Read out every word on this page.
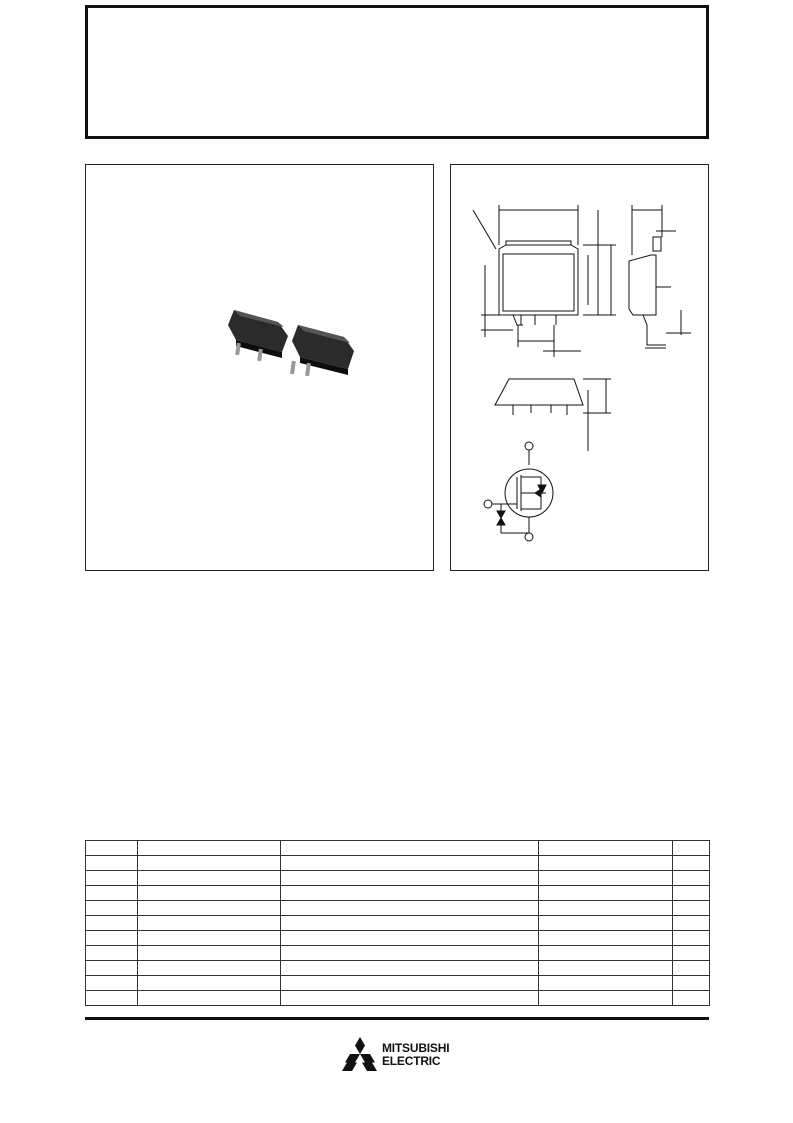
MITSUBISHI
ELECTRIC
